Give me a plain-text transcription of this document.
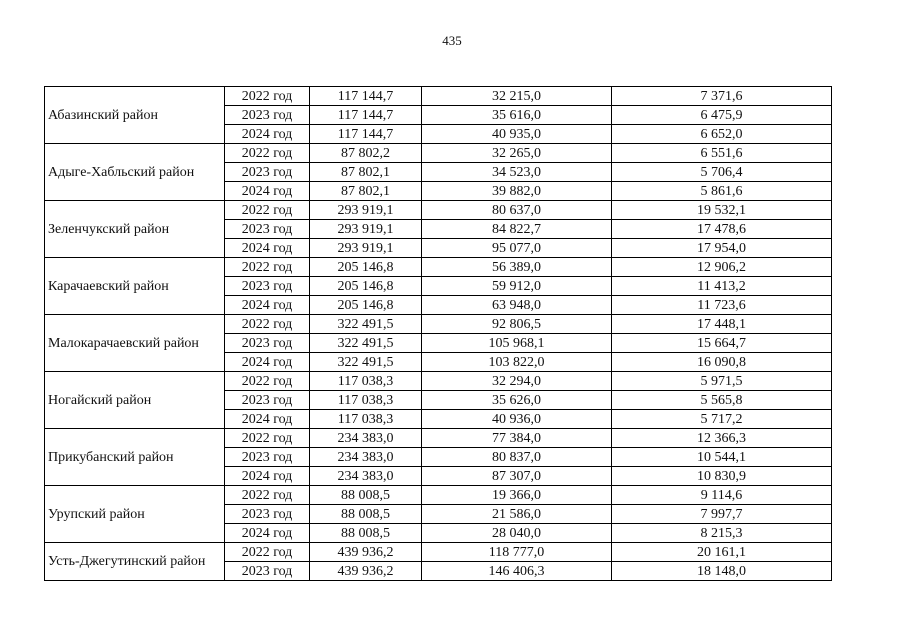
435
Абазинский район	2022 год	117 144,7	32 215,0	7 371,6
	2023 год	117 144,7	35 616,0	6 475,9
	2024 год	117 144,7	40 935,0	6 652,0
Адыге-Хабльский район	2022 год	87 802,2	32 265,0	6 551,6
	2023 год	87 802,1	34 523,0	5 706,4
	2024 год	87 802,1	39 882,0	5 861,6
Зеленчукский район	2022 год	293 919,1	80 637,0	19 532,1
	2023 год	293 919,1	84 822,7	17 478,6
	2024 год	293 919,1	95 077,0	17 954,0
Карачаевский район	2022 год	205 146,8	56 389,0	12 906,2
	2023 год	205 146,8	59 912,0	11 413,2
	2024 год	205 146,8	63 948,0	11 723,6
Малокарачаевский район	2022 год	322 491,5	92 806,5	17 448,1
	2023 год	322 491,5	105 968,1	15 664,7
	2024 год	322 491,5	103 822,0	16 090,8
Ногайский район	2022 год	117 038,3	32 294,0	5 971,5
	2023 год	117 038,3	35 626,0	5 565,8
	2024 год	117 038,3	40 936,0	5 717,2
Прикубанский район	2022 год	234 383,0	77 384,0	12 366,3
	2023 год	234 383,0	80 837,0	10 544,1
	2024 год	234 383,0	87 307,0	10 830,9
Урупский район	2022 год	88 008,5	19 366,0	9 114,6
	2023 год	88 008,5	21 586,0	7 997,7
	2024 год	88 008,5	28 040,0	8 215,3
Усть-Джегутинский район	2022 год	439 936,2	118 777,0	20 161,1
	2023 год	439 936,2	146 406,3	18 148,0
